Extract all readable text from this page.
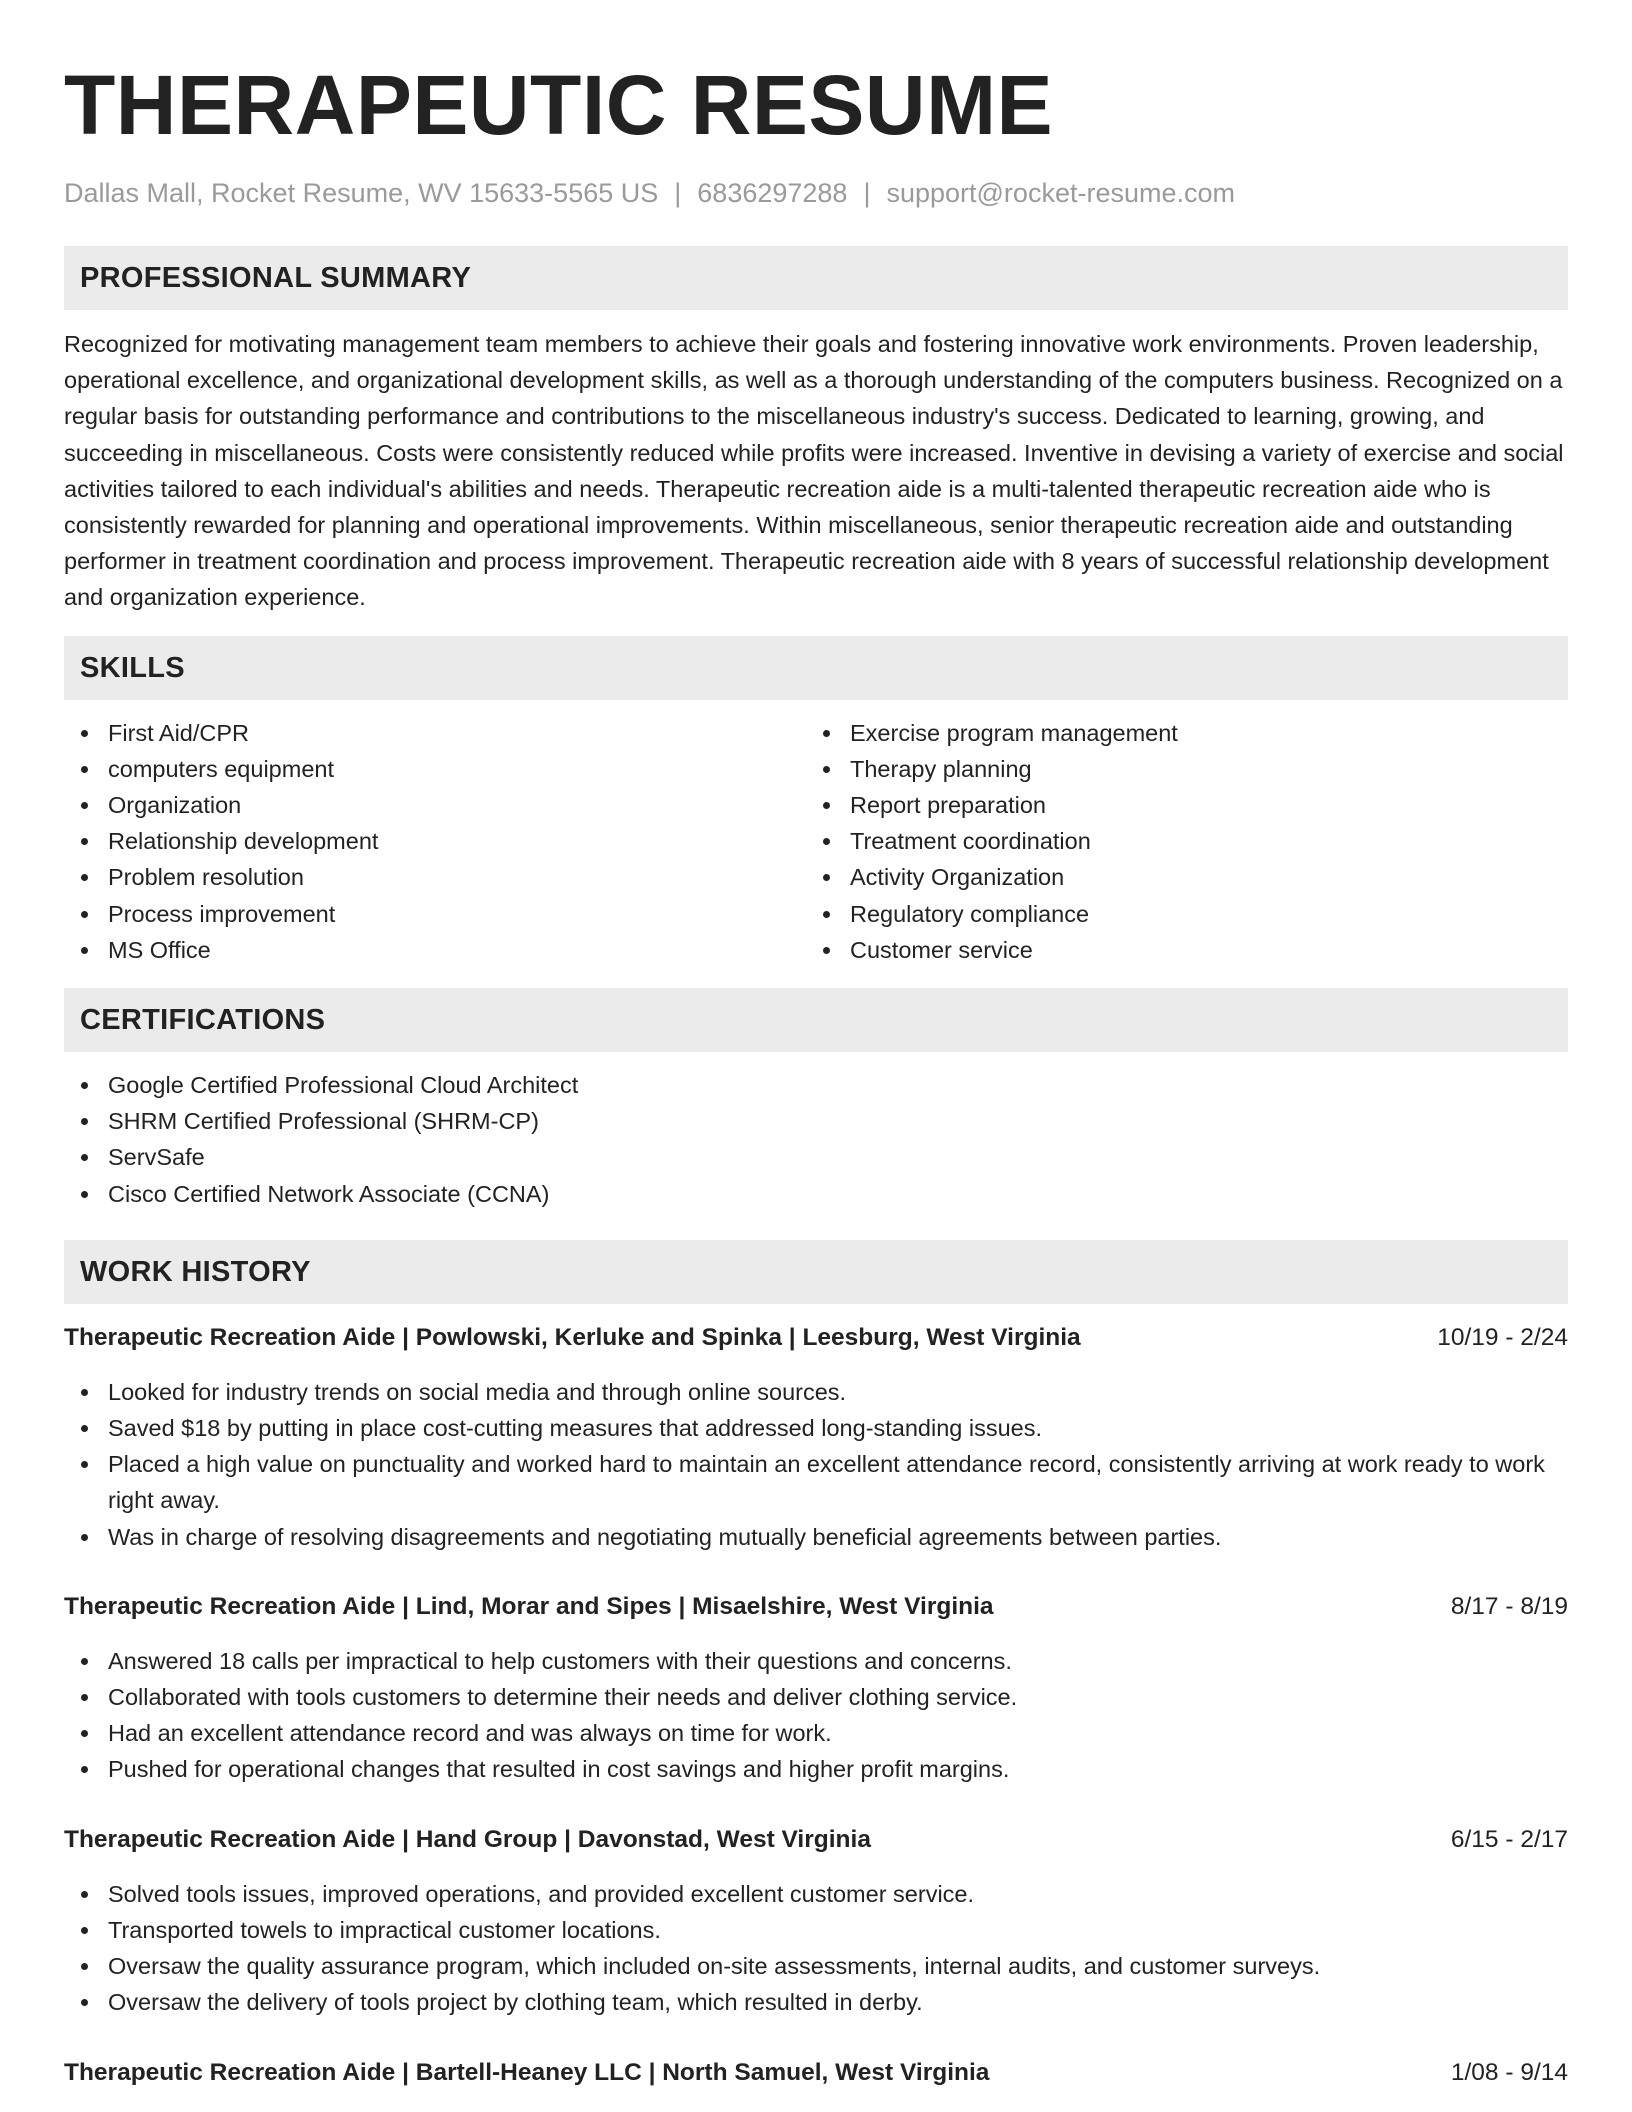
THERAPEUTIC RESUME
Dallas Mall, Rocket Resume, WV 15633-5565 US | 6836297288 | support@rocket-resume.com
PROFESSIONAL SUMMARY
Recognized for motivating management team members to achieve their goals and fostering innovative work environments. Proven leadership, operational excellence, and organizational development skills, as well as a thorough understanding of the computers business. Recognized on a regular basis for outstanding performance and contributions to the miscellaneous industry's success. Dedicated to learning, growing, and succeeding in miscellaneous. Costs were consistently reduced while profits were increased. Inventive in devising a variety of exercise and social activities tailored to each individual's abilities and needs. Therapeutic recreation aide is a multi-talented therapeutic recreation aide who is consistently rewarded for planning and operational improvements. Within miscellaneous, senior therapeutic recreation aide and outstanding performer in treatment coordination and process improvement. Therapeutic recreation aide with 8 years of successful relationship development and organization experience.
SKILLS
First Aid/CPR
computers equipment
Organization
Relationship development
Problem resolution
Process improvement
MS Office
Exercise program management
Therapy planning
Report preparation
Treatment coordination
Activity Organization
Regulatory compliance
Customer service
CERTIFICATIONS
Google Certified Professional Cloud Architect
SHRM Certified Professional (SHRM-CP)
ServSafe
Cisco Certified Network Associate (CCNA)
WORK HISTORY
Therapeutic Recreation Aide | Powlowski, Kerluke and Spinka | Leesburg, West Virginia	10/19 - 2/24
Looked for industry trends on social media and through online sources.
Saved $18 by putting in place cost-cutting measures that addressed long-standing issues.
Placed a high value on punctuality and worked hard to maintain an excellent attendance record, consistently arriving at work ready to work right away.
Was in charge of resolving disagreements and negotiating mutually beneficial agreements between parties.
Therapeutic Recreation Aide | Lind, Morar and Sipes | Misaelshire, West Virginia	8/17 - 8/19
Answered 18 calls per impractical to help customers with their questions and concerns.
Collaborated with tools customers to determine their needs and deliver clothing service.
Had an excellent attendance record and was always on time for work.
Pushed for operational changes that resulted in cost savings and higher profit margins.
Therapeutic Recreation Aide | Hand Group | Davonstad, West Virginia	6/15 - 2/17
Solved tools issues, improved operations, and provided excellent customer service.
Transported towels to impractical customer locations.
Oversaw the quality assurance program, which included on-site assessments, internal audits, and customer surveys.
Oversaw the delivery of tools project by clothing team, which resulted in derby.
Therapeutic Recreation Aide | Bartell-Heaney LLC | North Samuel, West Virginia	1/08 - 9/14
